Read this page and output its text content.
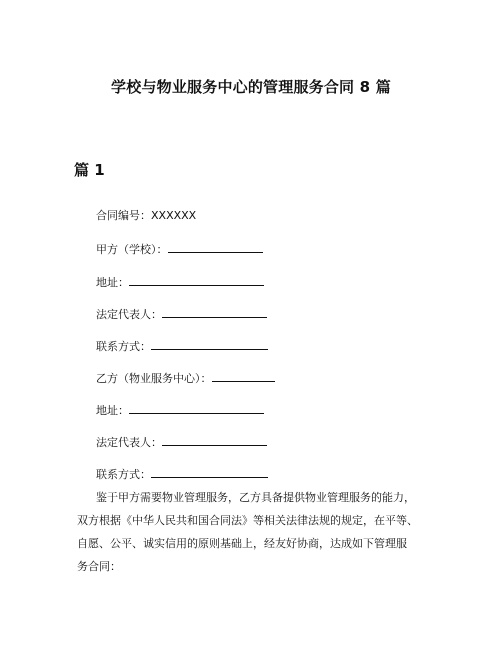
学校与物业服务中心的管理服务合同 8 篇
篇 1
合同编号：XXXXXX
甲方（学校）：
地址：
法定代表人：
联系方式：
乙方（物业服务中心）：
地址：
法定代表人：
联系方式：

鉴于甲方需要物业管理服务，乙方具备提供物业管理服务的能力，
双方根据《中华人民共和国合同法》等相关法律法规的规定，在平等、
自愿、公平、诚实信用的原则基础上，经友好协商，达成如下管理服
务合同：
